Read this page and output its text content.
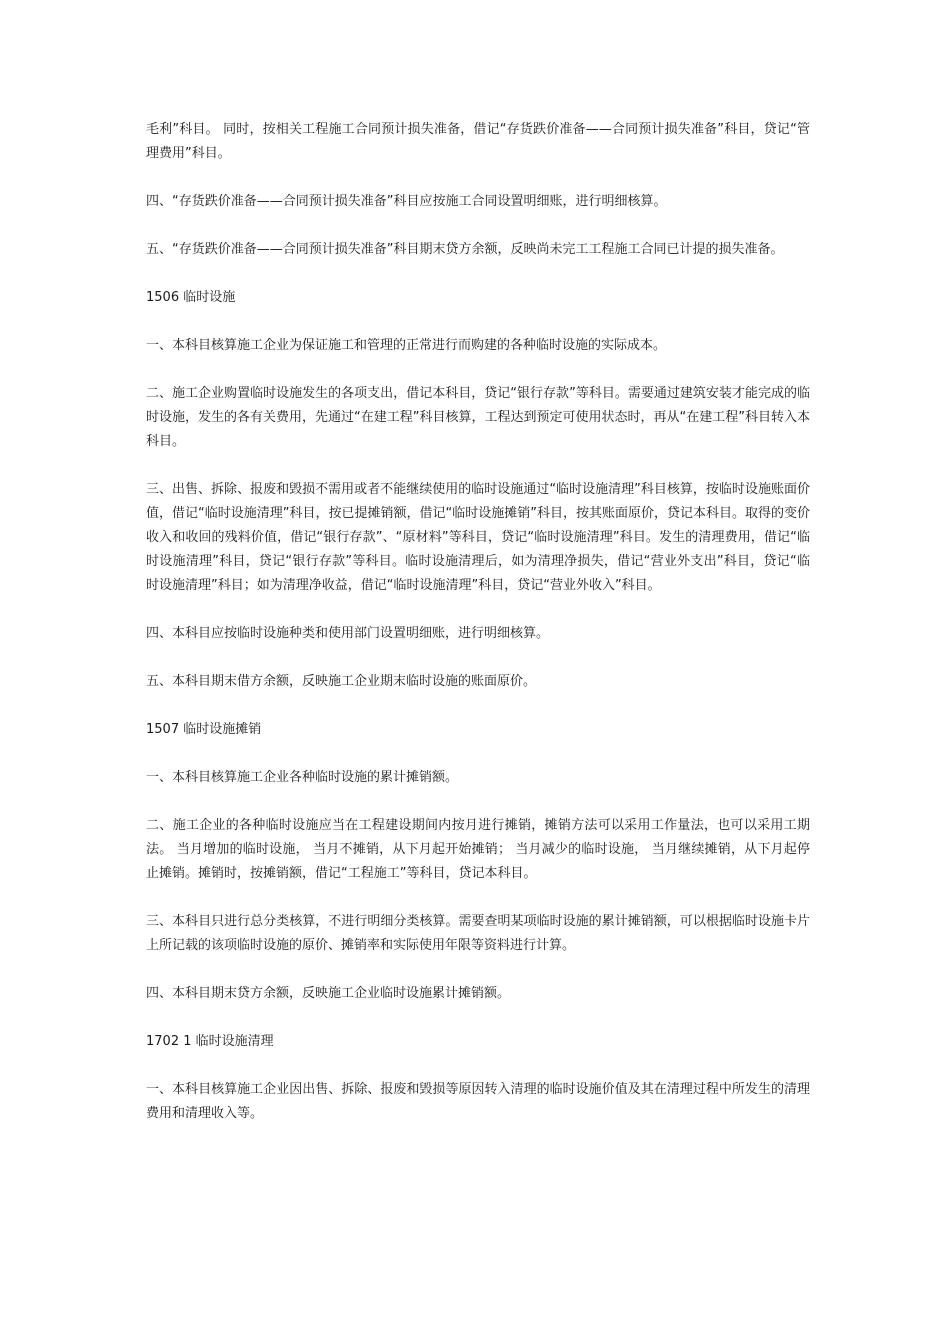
毛利”科目。 同时，按相关工程施工合同预计损失准备，借记“存货跌价准备——合同预计损失准备”科目，贷记“管理费用”科目。

四、“存货跌价准备——合同预计损失准备”科目应按施工合同设置明细账，进行明细核算。

五、“存货跌价准备——合同预计损失准备”科目期末贷方余额，反映尚未完工工程施工合同已计提的损失准备。

1506 临时设施

一、本科目核算施工企业为保证施工和管理的正常进行而购建的各种临时设施的实际成本。

二、施工企业购置临时设施发生的各项支出，借记本科目，贷记“银行存款”等科目。需要通过建筑安装才能完成的临时设施，发生的各有关费用，先通过“在建工程”科目核算，工程达到预定可使用状态时，再从“在建工程”科目转入本科目。

三、出售、拆除、报废和毁损不需用或者不能继续使用的临时设施通过“临时设施清理”科目核算，按临时设施账面价值，借记“临时设施清理”科目，按已提摊销额，借记“临时设施摊销”科目，按其账面原价，贷记本科目。取得的变价收入和收回的残料价值，借记“银行存款”、“原材料”等科目，贷记“临时设施清理”科目。发生的清理费用，借记“临时设施清理”科目，贷记“银行存款”等科目。临时设施清理后，如为清理净损失，借记“营业外支出”科目，贷记“临时设施清理”科目；如为清理净收益，借记“临时设施清理”科目，贷记“营业外收入”科目。

四、本科目应按临时设施种类和使用部门设置明细账，进行明细核算。

五、本科目期末借方余额，反映施工企业期末临时设施的账面原价。

1507 临时设施摊销

一、本科目核算施工企业各种临时设施的累计摊销额。

二、施工企业的各种临时设施应当在工程建设期间内按月进行摊销，摊销方法可以采用工作量法，也可以采用工期法。 当月增加的临时设施， 当月不摊销，从下月起开始摊销； 当月减少的临时设施， 当月继续摊销，从下月起停止摊销。摊销时，按摊销额，借记“工程施工”等科目，贷记本科目。

三、本科目只进行总分类核算，不进行明细分类核算。需要查明某项临时设施的累计摊销额，可以根据临时设施卡片上所记载的该项临时设施的原价、摊销率和实际使用年限等资料进行计算。

四、本科目期末贷方余额，反映施工企业临时设施累计摊销额。

1702 1 临时设施清理

一、本科目核算施工企业因出售、拆除、报废和毁损等原因转入清理的临时设施价值及其在清理过程中所发生的清理费用和清理收入等。
